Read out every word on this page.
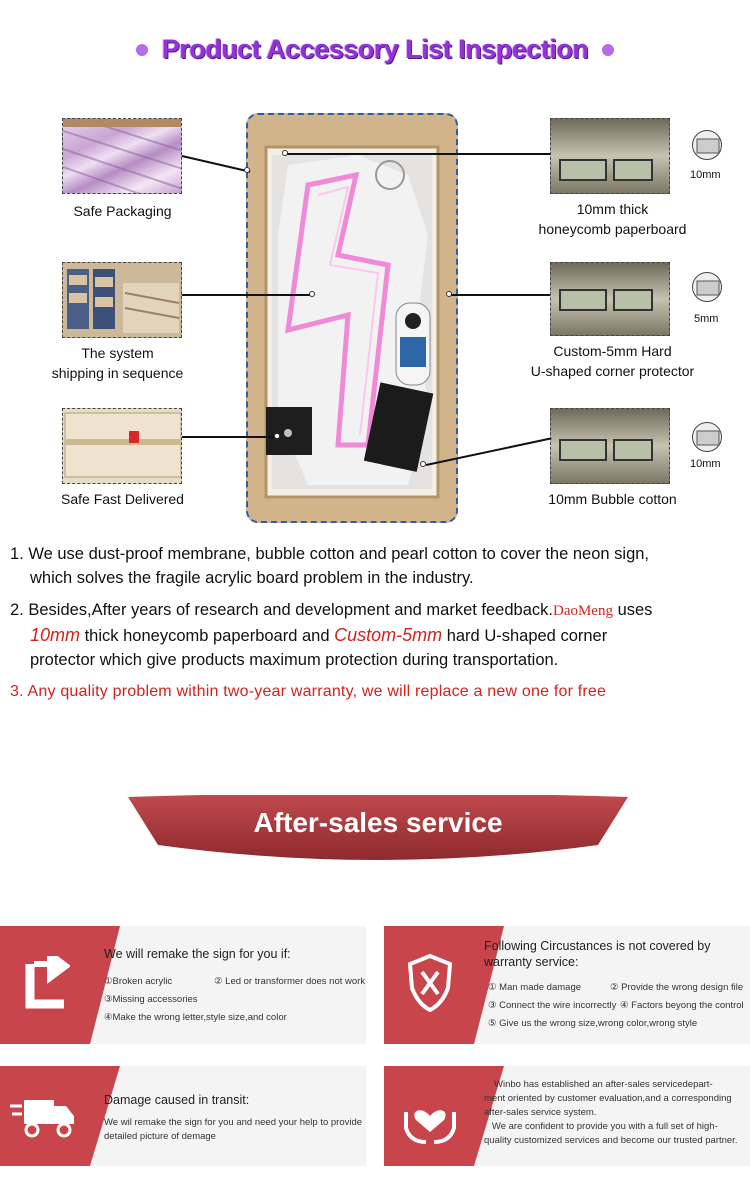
Product Accessory List Inspection
Safe Packaging
The system
shipping in sequence
Safe Fast Delivered
10mm
10mm thick
honeycomb paperboard
5mm
Custom-5mm Hard
U-shaped corner protector
10mm
10mm Bubble cotton
1. We use dust-proof membrane, bubble cotton and pearl cotton to cover the neon sign,
which solves the fragile acrylic board problem in the industry.
2. Besides,After years of research and development and market feedback.DaoMeng uses
10mm thick honeycomb paperboard and Custom-5mm hard U-shaped corner
protector which give products maximum protection during transportation.
3. Any quality problem within two-year warranty, we will replace a new one for free
After-sales service
We will remake the sign for you if:
①Broken acrylic	② Led or transformer does not work
③Missing accessories
④Make the wrong letter,style size,and color
Following Circustances is not covered by
warranty service:
① Man made damage	② Provide the wrong design file
③ Connect the wire incorrectly ④ Factors beyong the control
⑤ Give us the wrong size,wrong color,wrong style
Damage caused in transit:
We wil remake the sign for you and need your help to provide
detailed picture of demage
Winbo has established an after-sales servicedepart-
ment oriented by customer evaluation,and a corresponding
after-sales service system.
We are confident to provide you with a full set of high-
quality customized services and become our trusted partner.
